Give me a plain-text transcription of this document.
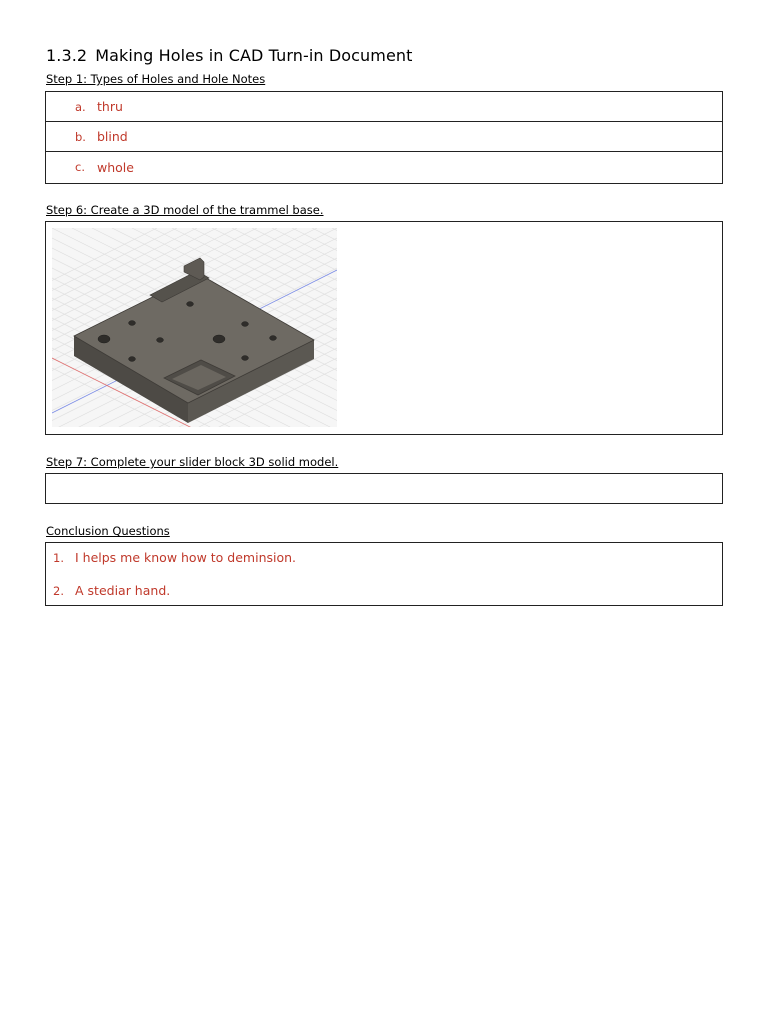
1.3.2 Making Holes in CAD Turn-in Document
Step 1: Types of Holes and Hole Notes
a. thru
b. blind
c. whole
Step 6: Create a 3D model of the trammel base.
Step 7: Complete your slider block 3D solid model.
Conclusion Questions
1. I helps me know how to deminsion.
2. A stediar hand.
